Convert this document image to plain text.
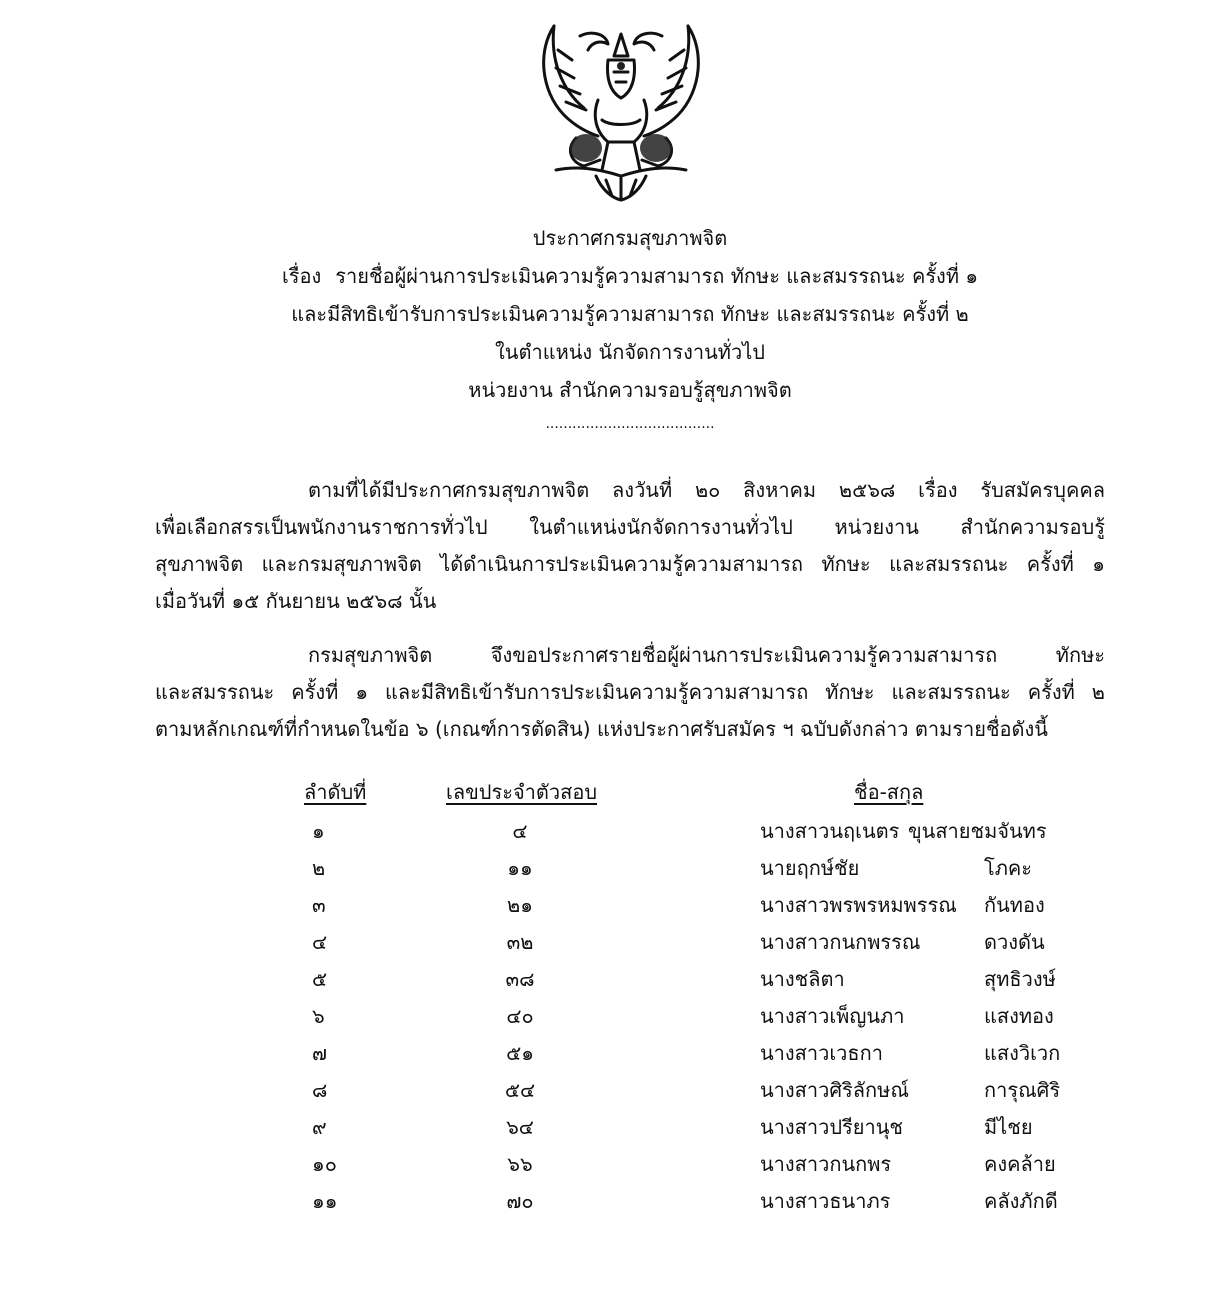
ประกาศกรมสุขภาพจิต
เรื่อง รายชื่อผู้ผ่านการประเมินความรู้ความสามารถ ทักษะ และสมรรถนะ ครั้งที่ ๑
และมีสิทธิเข้ารับการประเมินความรู้ความสามารถ ทักษะ และสมรรถนะ ครั้งที่ ๒
ในตำแหน่ง นักจัดการงานทั่วไป
หน่วยงาน สำนักความรอบรู้สุขภาพจิต
......................................
ตามที่ได้มีประกาศกรมสุขภาพจิต ลงวันที่ ๒๐ สิงหาคม ๒๕๖๘ เรื่อง รับสมัครบุคคล
เพื่อเลือกสรรเป็นพนักงานราชการทั่วไป ในตำแหน่งนักจัดการงานทั่วไป หน่วยงาน สำนักความรอบรู้
สุขภาพจิต และกรมสุขภาพจิต ได้ดำเนินการประเมินความรู้ความสามารถ ทักษะ และสมรรถนะ ครั้งที่ ๑
เมื่อวันที่ ๑๕ กันยายน ๒๕๖๘ นั้น
กรมสุขภาพจิต จึงขอประกาศรายชื่อผู้ผ่านการประเมินความรู้ความสามารถ ทักษะ
และสมรรถนะ ครั้งที่ ๑ และมีสิทธิเข้ารับการประเมินความรู้ความสามารถ ทักษะ และสมรรถนะ ครั้งที่ ๒
ตามหลักเกณฑ์ที่กำหนดในข้อ ๖ (เกณฑ์การตัดสิน) แห่งประกาศรับสมัคร ฯ ฉบับดังกล่าว ตามรายชื่อดังนี้
ลำดับที่	เลขประจำตัวสอบ	ชื่อ-สกุล
๑	๔	นางสาวนฤเนตร ขุนสายชมจันทร
๒	๑๑	นายฤกษ์ชัย	โภคะ
๓	๒๑	นางสาวพรพรหมพรรณ กันทอง
๔	๓๒	นางสาวกนกพรรณ	ดวงดัน
๕	๓๘	นางชลิตา	สุทธิวงษ์
๖	๔๐	นางสาวเพ็ญนภา	แสงทอง
๗	๕๑	นางสาวเวธกา	แสงวิเวก
๘	๕๔	นางสาวศิริลักษณ์	การุณศิริ
๙	๖๔	นางสาวปรียานุช	มีไชย
๑๐	๖๖	นางสาวกนกพร	คงคล้าย
๑๑	๗๐	นางสาวธนาภร	คลังภักดี
